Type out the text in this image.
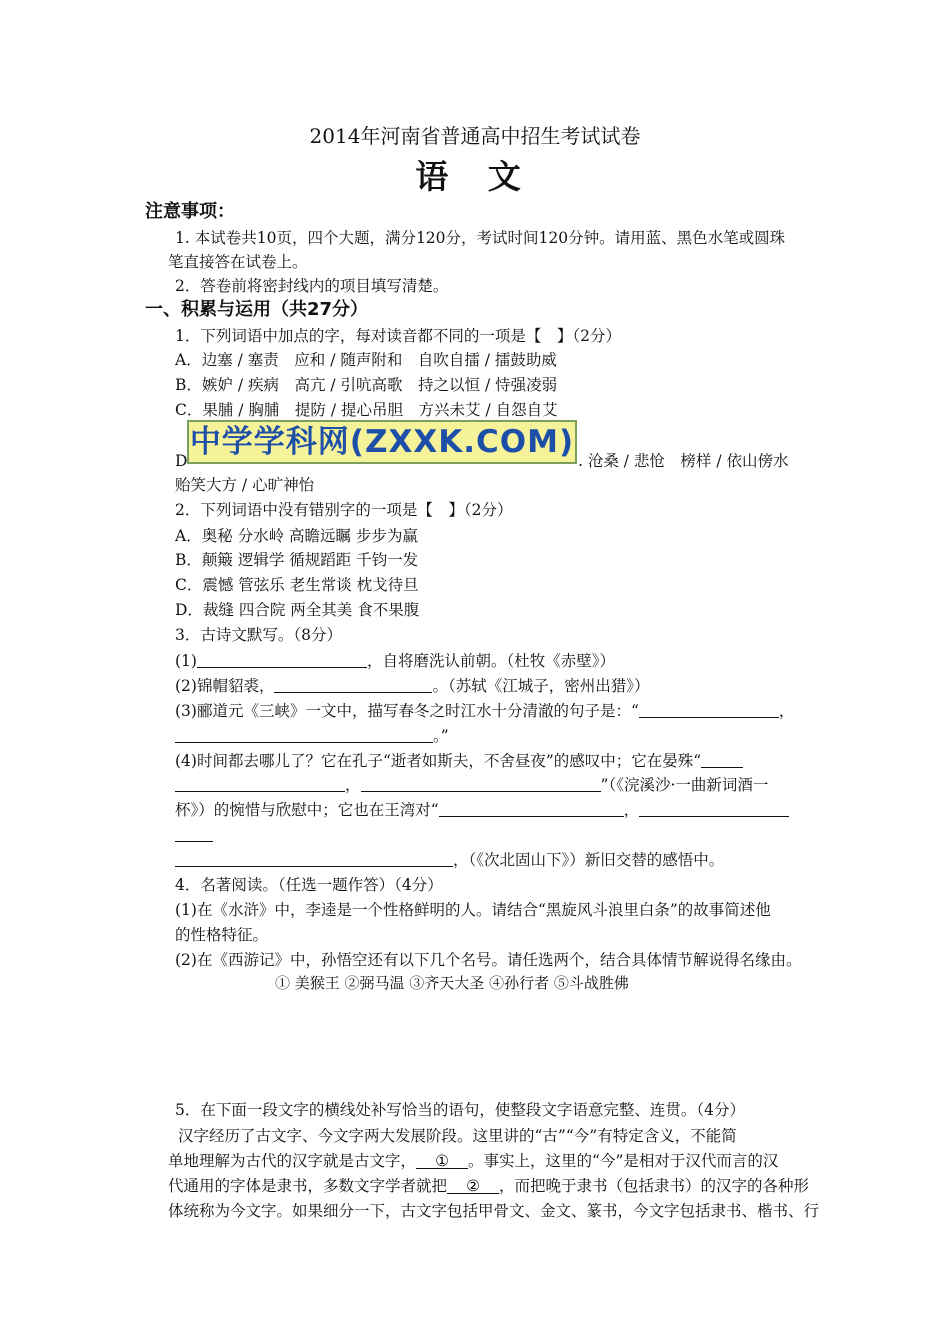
2014年河南省普通高中招生考试试卷
语 文
注意事项：
1. 本试卷共10页，四个大题，满分120分，考试时间120分钟。请用蓝、黑色水笔或圆珠
笔直接答在试卷上。
2．答卷前将密封线内的项目填写清楚。
一、积累与运用（共27分）
1．下列词语中加点的字，每对读音都不同的一项是【　】（2分）
A．边塞 / 塞责　应和 / 随声附和　自吹自擂 / 擂鼓助威
B．嫉妒 / 疾病　高亢 / 引吭高歌　持之以恒 / 恃强凌弱
C．果脯 / 胸脯　提防 / 提心吊胆　方兴未艾 / 自怨自艾
D	. 沧桑 / 悲怆　榜样 / 依山傍水
贻笑大方 / 心旷神怡
中学学科网(ZXXK.COM)
2．下列词语中没有错别字的一项是【　】（2分）
A．奥秘 分水岭 高瞻远瞩 步步为赢
B．颠簸 逻辑学 循规蹈距 千钧一发
C．震憾 管弦乐 老生常谈 枕戈待旦
D．裁缝 四合院 两全其美 食不果腹
3．古诗文默写。（8分）
(1)	，自将磨洗认前朝。（杜牧《赤壁》）
(2)锦帽貂裘，	。（苏轼《江城子，密州出猎》）
(3)郦道元《三峡》一文中，描写春冬之时江水十分清澈的句子是：“	，
。”
(4)时间都去哪儿了？它在孔子“逝者如斯夫，不舍昼夜”的感叹中；它在晏殊“
，	”（《浣溪沙·一曲新词酒一
杯》）的惋惜与欣慰中；它也在王湾对“	，
，（《次北固山下》）新旧交替的感悟中。
4．名著阅读。（任选一题作答）（4分）
(1)在《水浒》中，李逵是一个性格鲜明的人。请结合“黑旋风斗浪里白条”的故事简述他
的性格特征。
(2)在《西游记》中，孙悟空还有以下几个名号。请任选两个，结合具体情节解说得名缘由。
① 美猴王 ②弼马温 ③齐天大圣 ④孙行者 ⑤斗战胜佛
5．在下面一段文字的横线处补写恰当的语句，使整段文字语意完整、连贯。（4分）
汉字经历了古文字、今文字两大发展阶段。这里讲的“古”“今”有特定含义，不能简
单地理解为古代的汉字就是古文字， ① 。事实上，这里的“今”是相对于汉代而言的汉
代通用的字体是隶书，多数文字学者就把 ② ，而把晚于隶书（包括隶书）的汉字的各种形
体统称为今文字。如果细分一下，古文字包括甲骨文、金文、篆书，今文字包括隶书、楷书、行
